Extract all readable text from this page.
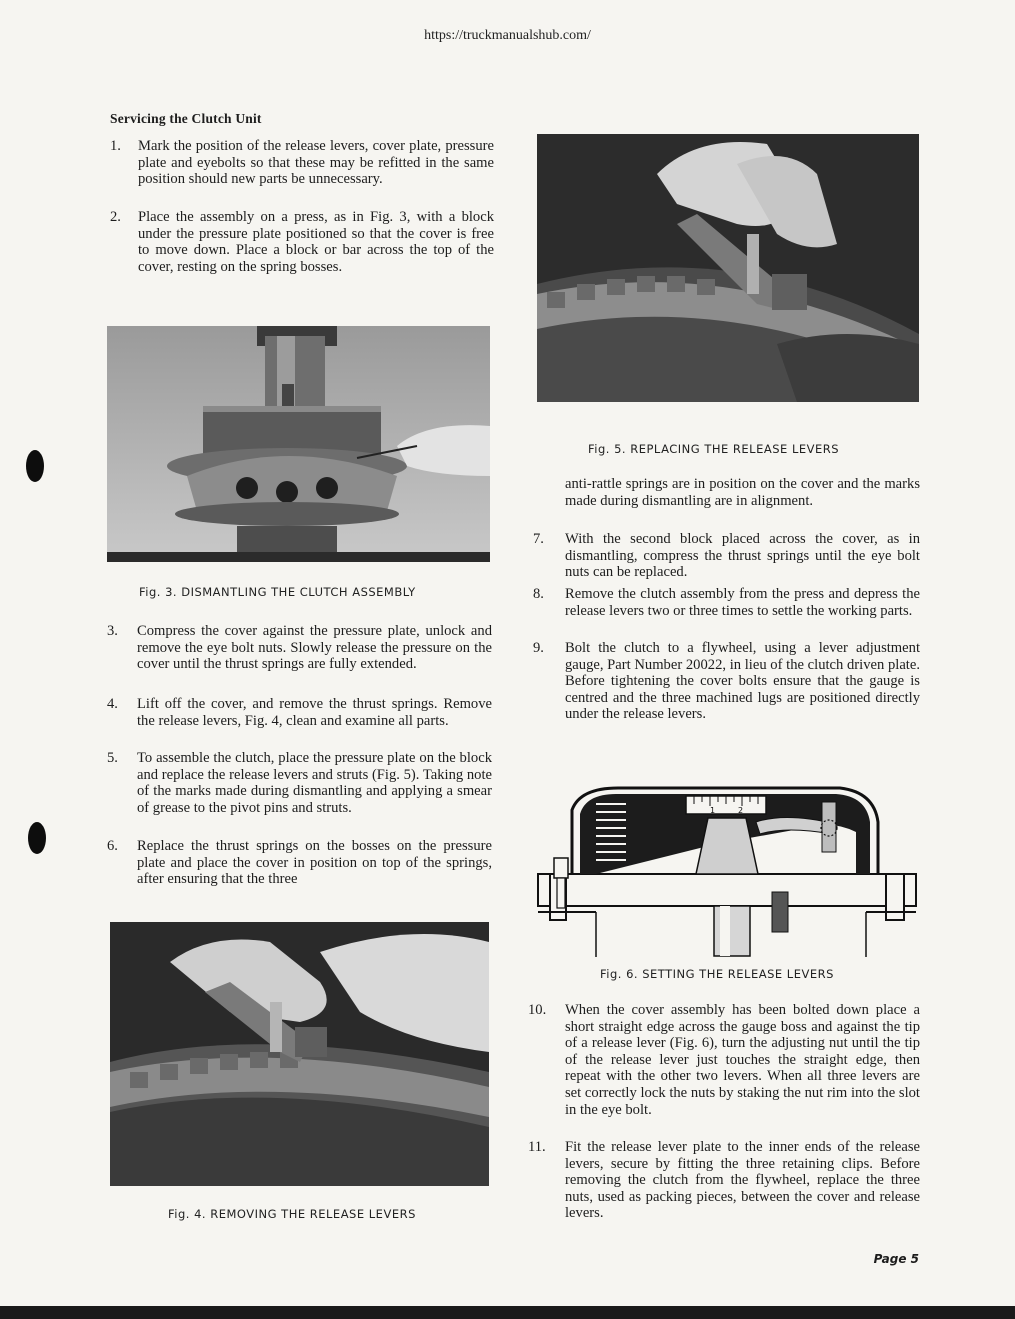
https://truckmanualshub.com/
Servicing the Clutch Unit
1. Mark the position of the release levers, cover plate, pressure plate and eyebolts so that these may be refitted in the same position should new parts be unnecessary.
2. Place the assembly on a press, as in Fig. 3, with a block under the pressure plate positioned so that the cover is free to move down. Place a block or bar across the top of the cover, resting on the spring bosses.
Fig. 3. DISMANTLING THE CLUTCH ASSEMBLY
3. Compress the cover against the pressure plate, unlock and remove the eye bolt nuts. Slowly release the pressure on the cover until the thrust springs are fully extended.
4. Lift off the cover, and remove the thrust springs. Remove the release levers, Fig. 4, clean and examine all parts.
5. To assemble the clutch, place the pressure plate on the block and replace the release levers and struts (Fig. 5). Taking note of the marks made during dismantling and applying a smear of grease to the pivot pins and struts.
6. Replace the thrust springs on the bosses on the pressure plate and place the cover in position on top of the springs, after ensuring that the three
Fig. 4. REMOVING THE RELEASE LEVERS
Fig. 5. REPLACING THE RELEASE LEVERS
anti-rattle springs are in position on the cover and the marks made during dismantling are in alignment.
7. With the second block placed across the cover, as in dismantling, compress the thrust springs until the eye bolt nuts can be replaced.
8. Remove the clutch assembly from the press and depress the release levers two or three times to settle the working parts.
9. Bolt the clutch to a flywheel, using a lever adjustment gauge, Part Number 20022, in lieu of the clutch driven plate. Before tightening the cover bolts ensure that the gauge is centred and the three machined lugs are positioned directly under the release levers.
1	2
Fig. 6. SETTING THE RELEASE LEVERS
10. When the cover assembly has been bolted down place a short straight edge across the gauge boss and against the tip of a release lever (Fig. 6), turn the adjusting nut until the tip of the release lever just touches the straight edge, then repeat with the other two levers. When all three levers are set correctly lock the nuts by staking the nut rim into the slot in the eye bolt.
11. Fit the release lever plate to the inner ends of the release levers, secure by fitting the three retaining clips. Before removing the clutch from the flywheel, replace the three nuts, used as packing pieces, between the cover and release levers.
Page 5
